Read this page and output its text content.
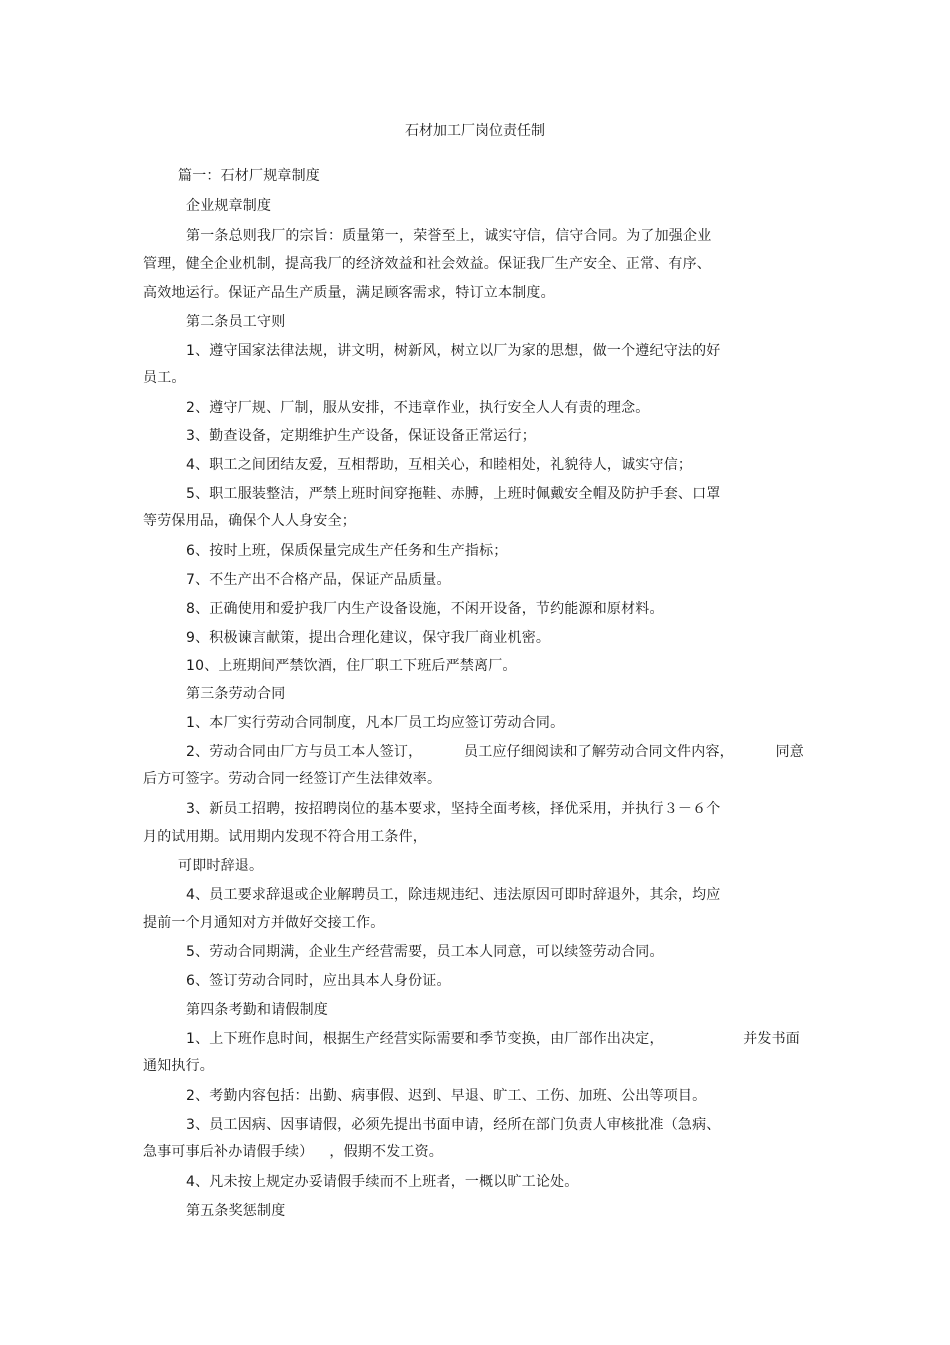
石材加工厂岗位责任制
篇一：石材厂规章制度
企业规章制度
第一条总则我厂的宗旨：质量第一，荣誉至上，诚实守信，信守合同。为了加强企业
管理，健全企业机制，提高我厂的经济效益和社会效益。保证我厂生产安全、正常、有序、
高效地运行。保证产品生产质量，满足顾客需求，特订立本制度。
第二条员工守则
1、遵守国家法律法规，讲文明，树新风，树立以厂为家的思想，做一个遵纪守法的好
员工。
2、遵守厂规、厂制，服从安排，不违章作业，执行安全人人有责的理念。
3、勤查设备，定期维护生产设备，保证设备正常运行；
4、职工之间团结友爱，互相帮助，互相关心，和睦相处，礼貌待人，诚实守信；
5、职工服装整洁，严禁上班时间穿拖鞋、赤膊，上班时佩戴安全帽及防护手套、口罩
等劳保用品，确保个人人身安全；
6、按时上班，保质保量完成生产任务和生产指标；
7、不生产出不合格产品，保证产品质量。
8、正确使用和爱护我厂内生产设备设施，不闲开设备，节约能源和原材料。
9、积极谏言献策，提出合理化建议，保守我厂商业机密。
10、上班期间严禁饮酒，住厂职工下班后严禁离厂。
第三条劳动合同
1、本厂实行劳动合同制度，凡本厂员工均应签订劳动合同。
2、劳动合同由厂方与员工本人签订，	员工应仔细阅读和了解劳动合同文件内容，	同意
后方可签字。劳动合同一经签订产生法律效率。
3、新员工招聘，按招聘岗位的基本要求，坚持全面考核，择优采用，并执行３－６个
月的试用期。试用期内发现不符合用工条件，
可即时辞退。
4、员工要求辞退或企业解聘员工，除违规违纪、违法原因可即时辞退外，其余，均应
提前一个月通知对方并做好交接工作。
5、劳动合同期满，企业生产经营需要，员工本人同意，可以续签劳动合同。
6、签订劳动合同时，应出具本人身份证。
第四条考勤和请假制度
1、上下班作息时间，根据生产经营实际需要和季节变换，由厂部作出决定，	并发书面
通知执行。
2、考勤内容包括：出勤、病事假、迟到、早退、旷工、工伤、加班、公出等项目。
3、员工因病、因事请假，必须先提出书面申请，经所在部门负责人审核批准（急病、
急事可事后补办请假手续） ，假期不发工资。
4、凡未按上规定办妥请假手续而不上班者，一概以旷工论处。
第五条奖惩制度
